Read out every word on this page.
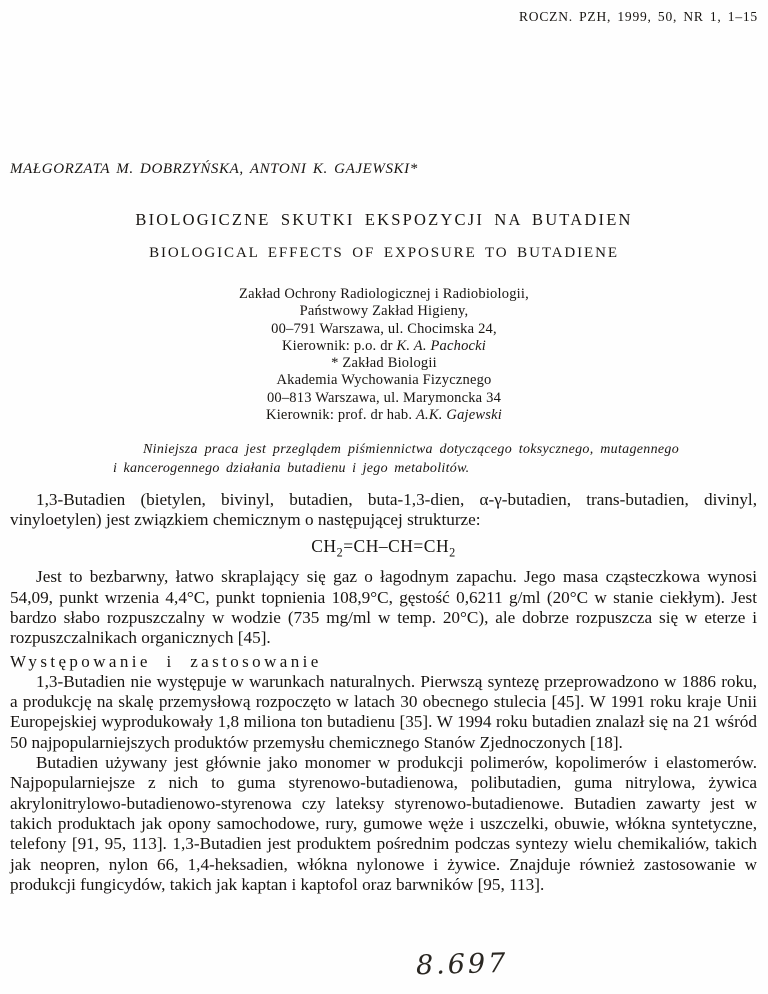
ROCZN. PZH, 1999, 50, NR 1, 1–15
MAŁGORZATA M. DOBRZYŃSKA, ANTONI K. GAJEWSKI*
BIOLOGICZNE SKUTKI EKSPOZYCJI NA BUTADIEN
BIOLOGICAL EFFECTS OF EXPOSURE TO BUTADIENE
Zakład Ochrony Radiologicznej i Radiobiologii,
Państwowy Zakład Higieny,
00–791 Warszawa, ul. Chocimska 24,
Kierownik: p.o. dr K. A. Pachocki
* Zakład Biologii
Akademia Wychowania Fizycznego
00–813 Warszawa, ul. Marymoncka 34
Kierownik: prof. dr hab. A.K. Gajewski
Niniejsza praca jest przeglądem piśmiennictwa dotyczącego toksycznego, mutagennego i kancerogennego działania butadienu i jego metabolitów.

1,3-Butadien (bietylen, bivinyl, butadien, buta-1,3-dien, α-γ-butadien, trans-butadien, divinyl, vinyloetylen) jest związkiem chemicznym o następującej strukturze:

$CH_2=CH-CH=CH_2$

Jest to bezbarwny, łatwo skraplający się gaz o łagodnym zapachu. Jego masa cząsteczkowa wynosi 54,09, punkt wrzenia 4,4°C, punkt topnienia 108,9°C, gęstość 0,6211 g/ml (20°C w stanie ciekłym). Jest bardzo słabo rozpuszczalny w wodzie (735 mg/ml w temp. 20°C), ale dobrze rozpuszcza się w eterze i rozpuszczalnikach organicznych [45].

Występowanie i zastosowanie

1,3-Butadien nie występuje w warunkach naturalnych. Pierwszą syntezę przeprowadzono w 1886 roku, a produkcję na skalę przemysłową rozpoczęto w latach 30 obecnego stulecia [45]. W 1991 roku kraje Unii Europejskiej wyprodukowały 1,8 miliona ton butadienu [35]. W 1994 roku butadien znalazł się na 21 wśród 50 najpopularniejszych produktów przemysłu chemicznego Stanów Zjednoczonych [18].

Butadien używany jest głównie jako monomer w produkcji polimerów, kopolimerów i elastomerów. Najpopularniejsze z nich to guma styrenowo-butadienowa, polibutadien, guma nitrylowa, żywica akrylonitrylowo-butadienowo-styrenowa czy lateksy styrenowo-butadienowe. Butadien zawarty jest w takich produktach jak opony samochodowe, rury, gumowe węże i uszczelki, obuwie, włókna syntetyczne, telefony [91, 95, 113]. 1,3-Butadien jest produktem pośrednim podczas syntezy wielu chemikaliów, takich jak neopren, nylon 66, 1,4-heksadien, włókna nylonowe i żywice. Znajduje również zastosowanie w produkcji fungicydów, takich jak kaptan i kaptofol oraz barwników [95, 113].

8.697
